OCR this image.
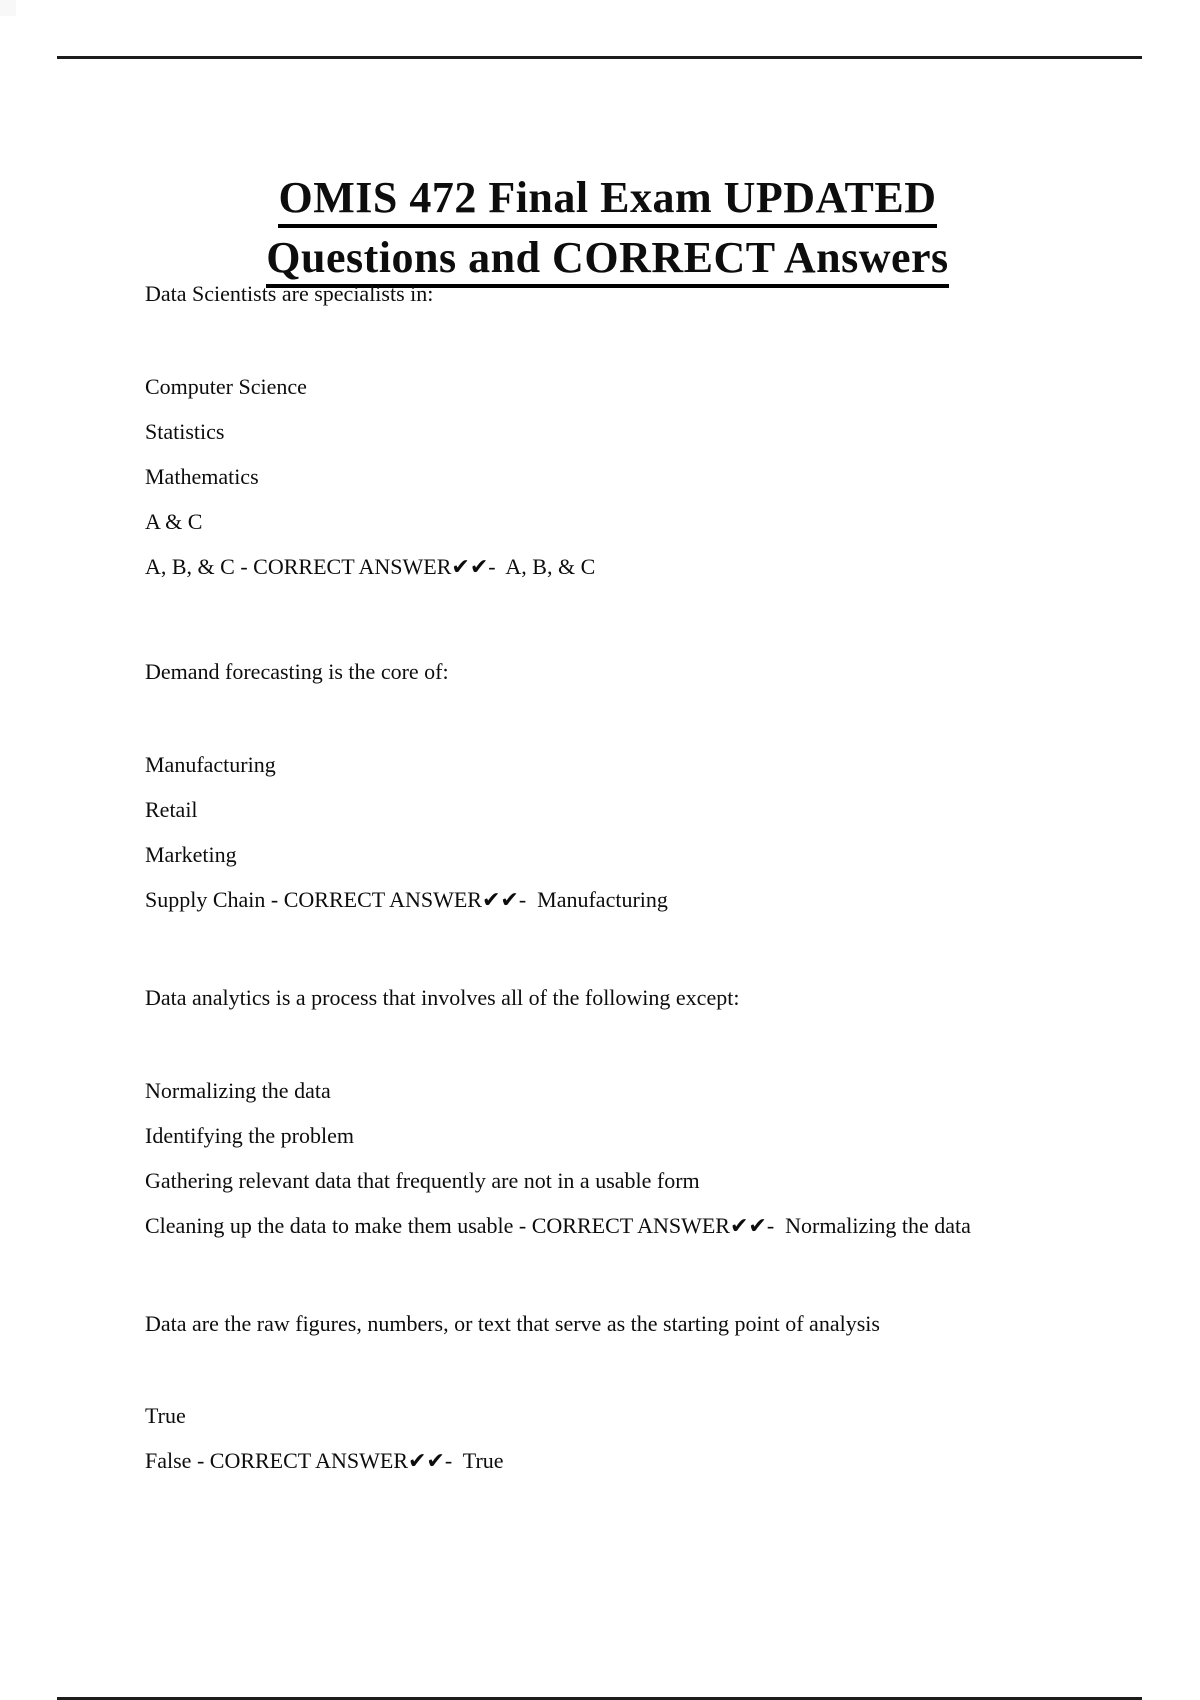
OMIS 472 Final Exam UPDATED
Questions and CORRECT Answers

Data Scientists are specialists in:

Computer Science

Statistics

Mathematics

A & C

A, B, & C - CORRECT ANSWER✔✔-  A, B, & C

Demand forecasting is the core of:

Manufacturing

Retail

Marketing

Supply Chain - CORRECT ANSWER✔✔-  Manufacturing

Data analytics is a process that involves all of the following except:

Normalizing the data

Identifying the problem

Gathering relevant data that frequently are not in a usable form

Cleaning up the data to make them usable - CORRECT ANSWER✔✔-  Normalizing the data

Data are the raw figures, numbers, or text that serve as the starting point of analysis

True

False - CORRECT ANSWER✔✔-  True
